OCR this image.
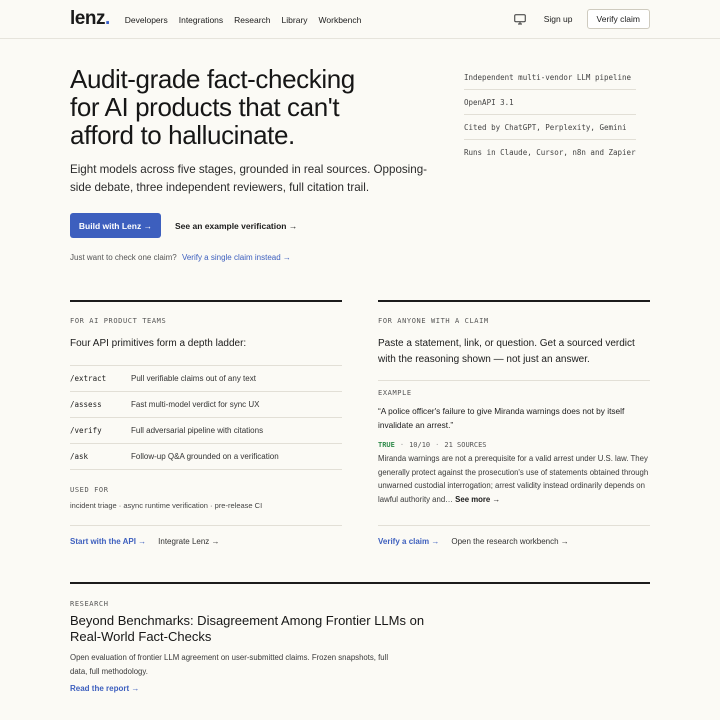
lenz. Developers Integrations Research Library Workbench	Sign up	Verify claim
Audit-grade fact-checking
for AI products that can't
afford to hallucinate.
Eight models across five stages, grounded in real sources. Opposing-side debate, three independent reviewers, full citation trail.
Build with Lenz →	See an example verification →
Just want to check one claim? Verify a single claim instead →
Independent multi-vendor LLM pipeline
OpenAPI 3.1
Cited by ChatGPT, Perplexity, Gemini
Runs in Claude, Cursor, n8n and Zapier
FOR AI PRODUCT TEAMS
Four API primitives form a depth ladder:
/extract	Pull verifiable claims out of any text
/assess	Fast multi-model verdict for sync UX
/verify	Full adversarial pipeline with citations
/ask	Follow-up Q&A grounded on a verification
USED FOR
incident triage · async runtime verification · pre-release CI
Start with the API → Integrate Lenz →
FOR ANYONE WITH A CLAIM
Paste a statement, link, or question. Get a sourced verdict with the reasoning shown — not just an answer.
EXAMPLE
“A police officer's failure to give Miranda warnings does not by itself invalidate an arrest.”
TRUE · 10/10 · 21 SOURCES
Miranda warnings are not a prerequisite for a valid arrest under U.S. law. They generally protect against the prosecution's use of statements obtained through unwarned custodial interrogation; arrest validity instead ordinarily depends on lawful authority and… See more →
Verify a claim → Open the research workbench →
RESEARCH
Beyond Benchmarks: Disagreement Among Frontier LLMs on Real-World Fact-Checks
Open evaluation of frontier LLM agreement on user-submitted claims. Frozen snapshots, full data, full methodology.
Read the report →
